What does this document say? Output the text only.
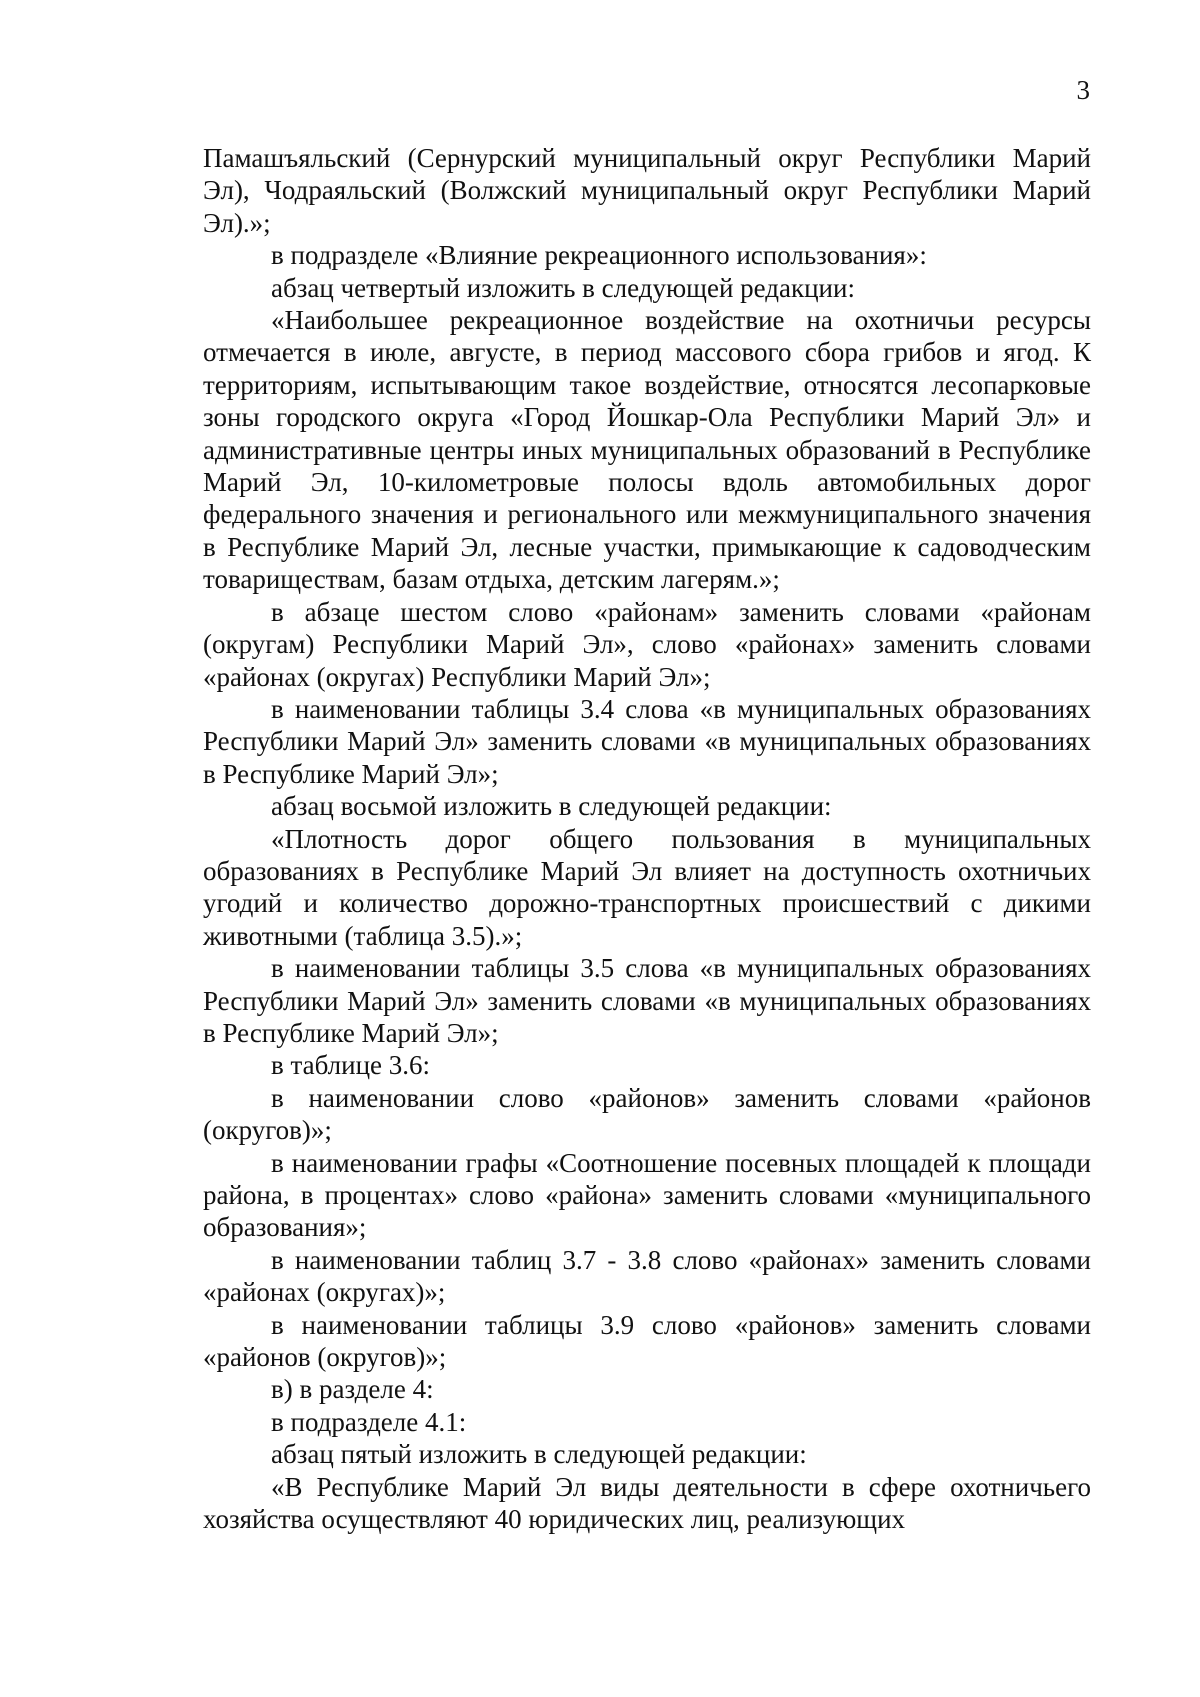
3

Памашъяльский (Сернурский муниципальный округ Республики Марий Эл), Чодраяльский (Волжский муниципальный округ Республики Марий Эл).»;

в подразделе «Влияние рекреационного использования»:

абзац четвертый изложить в следующей редакции:

«Наибольшее рекреационное воздействие на охотничьи ресурсы отмечается в июле, августе, в период массового сбора грибов и ягод. К территориям, испытывающим такое воздействие, относятся лесопарковые зоны городского округа «Город Йошкар-Ола Республики Марий Эл» и административные центры иных муниципальных образований в Республике Марий Эл, 10-километровые полосы вдоль автомобильных дорог федерального значения и регионального или межмуниципального значения в Республике Марий Эл, лесные участки, примыкающие к садоводческим товариществам, базам отдыха, детским лагерям.»;

в абзаце шестом слово «районам» заменить словами «районам (округам) Республики Марий Эл», слово «районах» заменить словами «районах (округах) Республики Марий Эл»;

в наименовании таблицы 3.4 слова «в муниципальных образованиях Республики Марий Эл» заменить словами «в муниципальных образованиях в Республике Марий Эл»;

абзац восьмой изложить в следующей редакции:

«Плотность дорог общего пользования в муниципальных образованиях в Республике Марий Эл влияет на доступность охотничьих угодий и количество дорожно-транспортных происшествий с дикими животными (таблица 3.5).»;

в наименовании таблицы 3.5 слова «в муниципальных образованиях Республики Марий Эл» заменить словами «в муниципальных образованиях в Республике Марий Эл»;

в таблице 3.6:

в наименовании слово «районов» заменить словами «районов (округов)»;

в наименовании графы «Соотношение посевных площадей к площади района, в процентах» слово «района» заменить словами «муниципального образования»;

в наименовании таблиц 3.7 - 3.8 слово «районах» заменить словами «районах (округах)»;

в наименовании таблицы 3.9 слово «районов» заменить словами «районов (округов)»;

в) в разделе 4:

в подразделе 4.1:

абзац пятый изложить в следующей редакции:

«В Республике Марий Эл виды деятельности в сфере охотничьего хозяйства осуществляют 40 юридических лиц, реализующих
